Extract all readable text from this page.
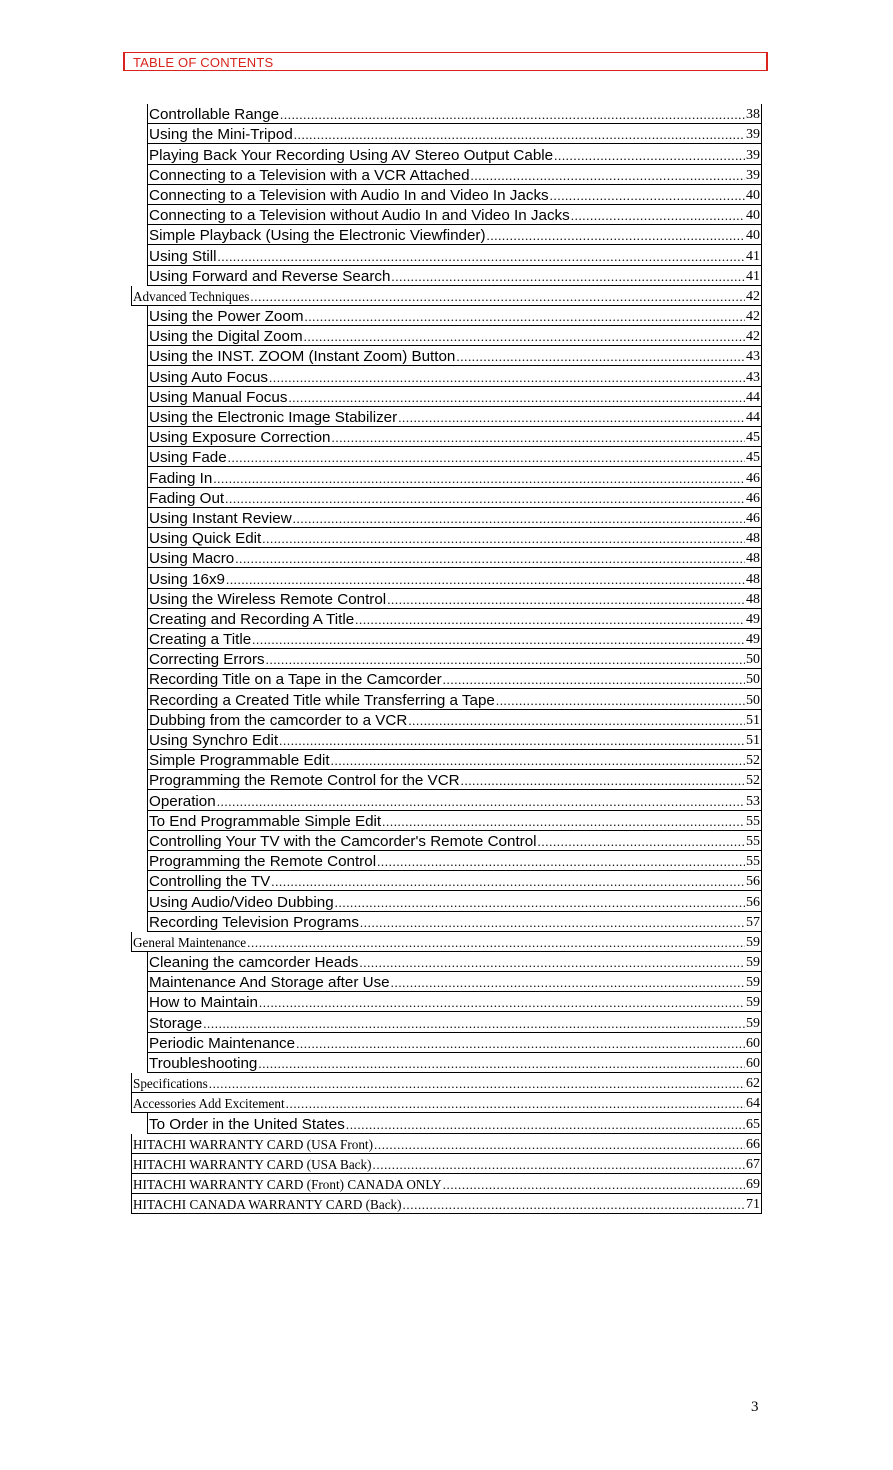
TABLE OF CONTENTS
Controllable Range .....	38
Using the Mini-Tripod .....	39
Playing Back Your Recording Using AV Stereo Output Cable .....	39
Connecting to a Television with a VCR Attached .....	39
Connecting to a Television with Audio In and Video In Jacks .....	40
Connecting to a Television without Audio In and Video In Jacks .....	40
Simple Playback (Using the Electronic Viewfinder) .....	40
Using Still .....	41
Using Forward and Reverse Search .....	41
Advanced Techniques .....	42
Using the Power Zoom .....	42
Using the Digital Zoom .....	42
Using the INST. ZOOM (Instant Zoom) Button .....	43
Using Auto Focus .....	43
Using Manual Focus .....	44
Using the Electronic Image Stabilizer .....	44
Using Exposure Correction .....	45
Using Fade .....	45
Fading In .....	46
Fading Out .....	46
Using Instant Review .....	46
Using Quick Edit .....	48
Using Macro .....	48
Using 16x9 .....	48
Using the Wireless Remote Control .....	48
Creating and Recording A Title .....	49
Creating a Title .....	49
Correcting Errors .....	50
Recording Title on a Tape in the Camcorder .....	50
Recording a Created Title while Transferring a Tape .....	50
Dubbing from the camcorder to a VCR .....	51
Using Synchro Edit .....	51
Simple Programmable Edit .....	52
Programming the Remote Control for the VCR .....	52
Operation .....	53
To End Programmable Simple Edit .....	55
Controlling Your TV with the Camcorder's Remote Control .....	55
Programming the Remote Control .....	55
Controlling the TV .....	56
Using Audio/Video Dubbing .....	56
Recording Television Programs .....	57
General Maintenance .....	59
Cleaning the camcorder Heads .....	59
Maintenance And Storage after Use .....	59
How to Maintain .....	59
Storage .....	59
Periodic Maintenance .....	60
Troubleshooting .....	60
Specifications .....	62
Accessories Add Excitement .....	64
To Order in the United States .....	65
HITACHI WARRANTY CARD (USA Front) .....	66
HITACHI WARRANTY CARD (USA Back) .....	67
HITACHI WARRANTY CARD (Front) CANADA ONLY .....	69
HITACHI CANADA WARRANTY CARD (Back) .....	71
3
